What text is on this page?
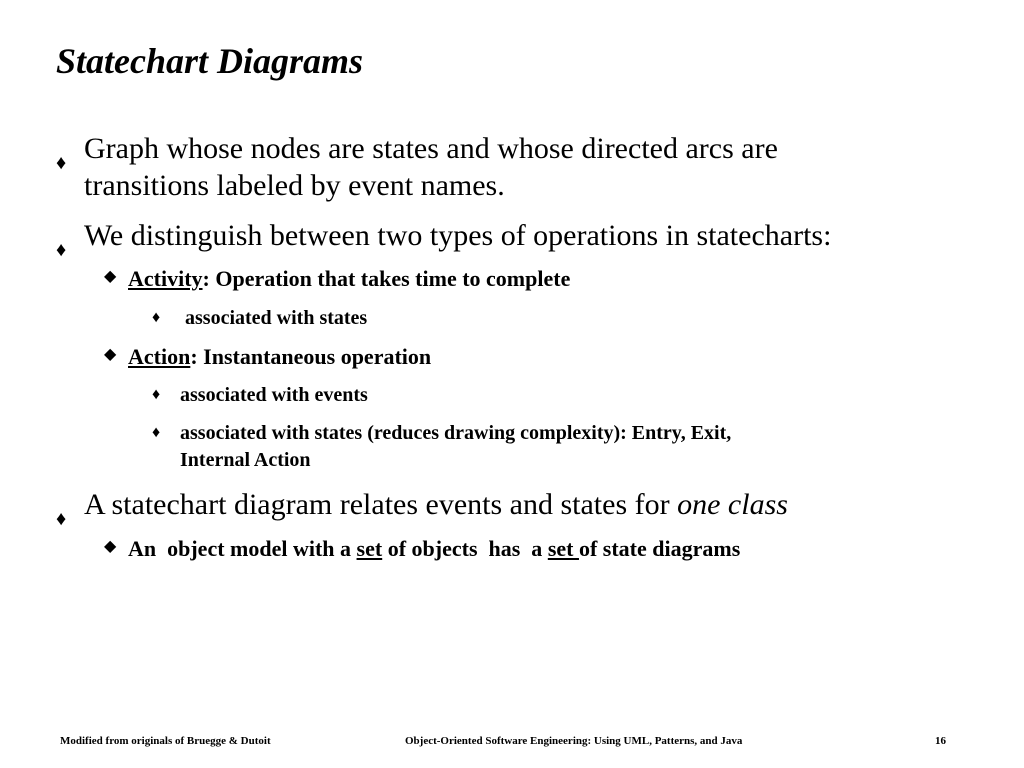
Statechart Diagrams
♦ Graph whose nodes are states and whose directed arcs are
transitions labeled by event names.
♦ We distinguish between two types of operations in statecharts:
◆ Activity: Operation that takes time to complete
♦ associated with states
◆ Action: Instantaneous operation
♦ associated with events
♦ associated with states (reduces drawing complexity): Entry, Exit,
Internal Action
♦ A statechart diagram relates events and states for one class
◆ An  object model with a set of objects  has  a set of state diagrams
Modified from originals of Bruegge & Dutoit	Object-Oriented Software Engineering: Using UML, Patterns, and Java	16
